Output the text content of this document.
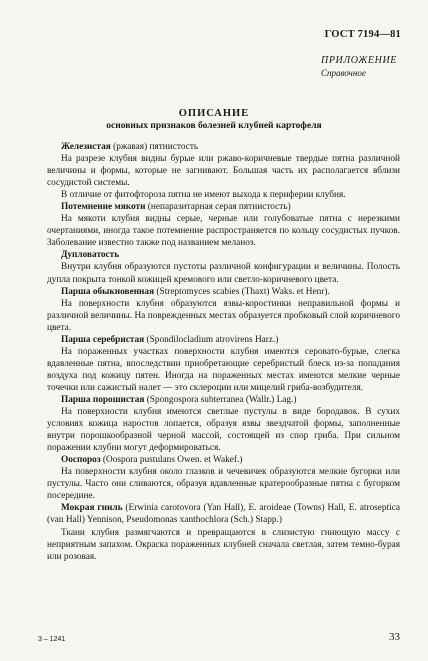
ГОСТ 7194—81
ПРИЛОЖЕНИЕ
Справочное
ОПИСАНИЕ
основных признаков болезней клубней картофеля

Железистая (ржавая) пятнистость

На разрезе клубня видны бурые или ржаво-коричневые твердые пятна различной величины и формы, которые не загнивают. Большая часть их располагается вблизи сосудистой системы.

В отличие от фитофтороза пятна не имеют выхода к периферии клубня.

Потемнение мякоти (непаразитарная серая пятнистость)

На мякоти клубня видны серые, черные или голубоватые пятна с нерезкими очертаниями, иногда такое потемнение распространяется по кольцу сосудистых пучков. Заболевание известно также под названием меланоз.

Дупловатость

Внутри клубня образуются пустоты различной конфигурации и величины. Полость дупла покрыта тонкой кожицей кремового или светло-коричневого цвета.

Парша обыкновенная (Streptomyces scabies (Thaxt) Waks. et Henr).

На поверхности клубня образуются язвы-коростинки неправильной формы и различной величины. На поврежденных местах образуется пробковый слой коричневого цвета.

Парша серебристая (Spondilocladium atrovirens Harz.)

На пораженных участках поверхности клубня имеются серовато-бурые, слегка вдавленные пятна, впоследствии приобретающие серебристый блеск из-за попадания воздуха под кожицу пятен. Иногда на пораженных местах имеются мелкие черные точечки или сажистый налет — это склероции или мицелий гриба-возбудителя.

Парша порошистая (Spongospora subterranea (Wallr.) Lag.)

На поверхности клубня имеются светлые пустулы в виде бородавок. В сухих условиях кожица наростов лопается, образуя язвы звездчатой формы, заполненные внутри порошкообразной черной массой, состоящей из спор гриба. При сильном поражении клубни могут деформироваться.

Ооспороз (Oospora pustulans Owen. et Wakef.)

На поверхности клубня около глазков и чечевичек образуются мелкие бугорки или пустулы. Часто они сливаются, образуя вдавленные кратерообразные пятна с бугорком посередине.

Мокрая гниль (Erwinia carotovora (Yan Hall), E. aroideae (Towns) Hall, E. atroseptica (van Hall) Yennison, Pseudomonas xanthochlora (Sch.) Stapp.)

Ткани клубня размягчаются и превращаются в слизистую гниющую массу с неприятным запахом. Окраска пораженных клубней сначала светлая, затем темно-бурая или розовая.

3 – 1241	33
